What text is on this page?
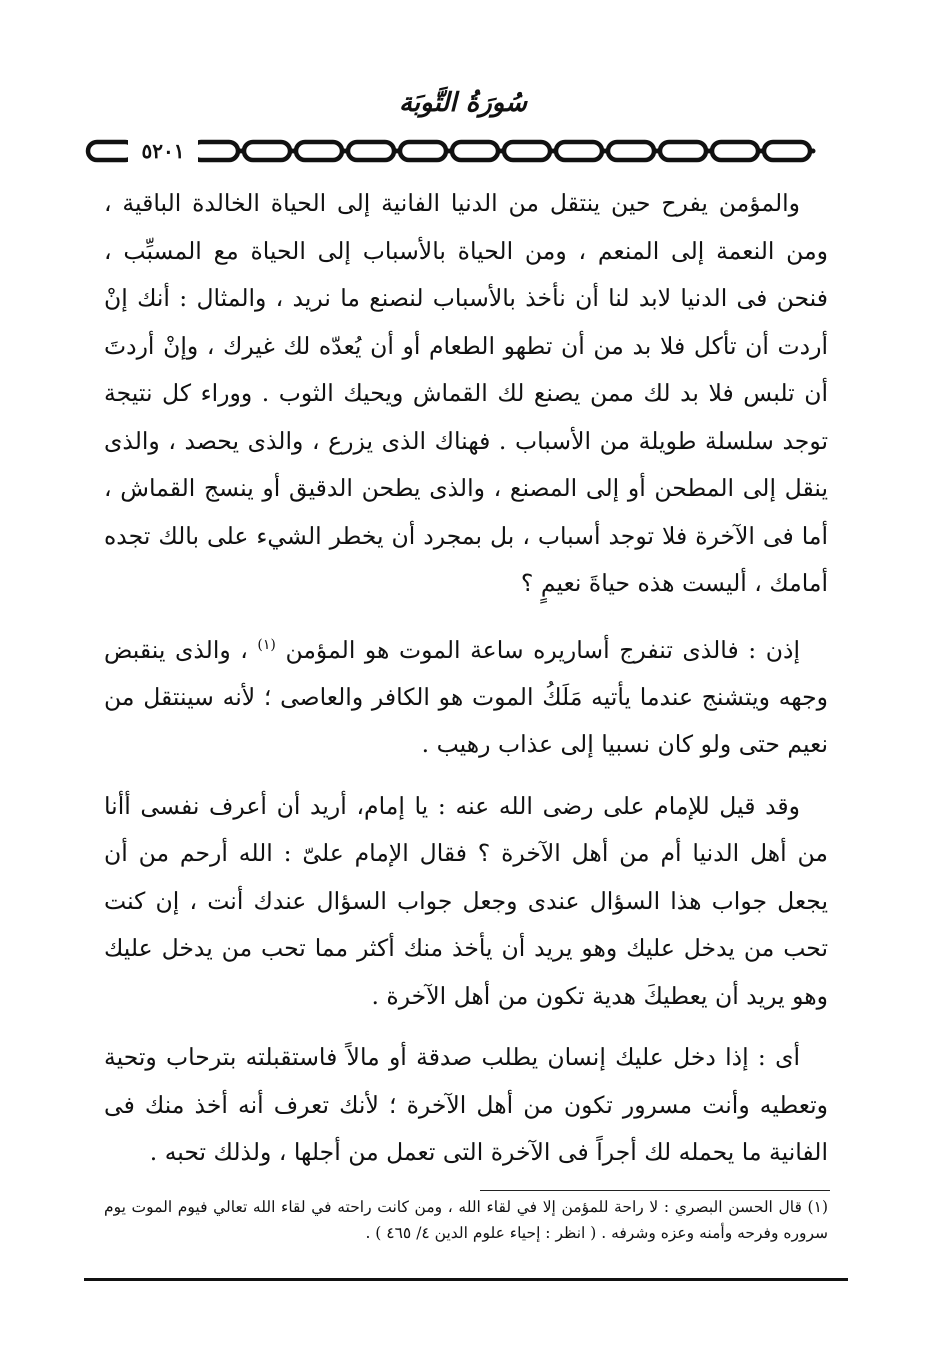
سُورَةُ التَّوبَة
٥٢٠١

والمؤمن يفرح حين ينتقل من الدنيا الفانية إلى الحياة الخالدة الباقية ، ومن النعمة إلى المنعم ، ومن الحياة بالأسباب إلى الحياة مع المسبِّب ، فنحن فى الدنيا لابد لنا أن نأخذ بالأسباب لنصنع ما نريد ، والمثال : أنك إنْ أردت أن تأكل فلا بد من أن تطهو الطعام أو أن يُعدّه لك غيرك ، وإنْ أردتَ أن تلبس فلا بد لك ممن يصنع لك القماش ويحيك الثوب . ووراء كل نتيجة توجد سلسلة طويلة من الأسباب . فهناك الذى يزرع ، والذى يحصد ، والذى ينقل إلى المطحن أو إلى المصنع ، والذى يطحن الدقيق أو ينسج القماش ، أما فى الآخرة فلا توجد أسباب ، بل بمجرد أن يخطر الشيء على بالك تجده أمامك ، أليست هذه حياةَ نعيمٍ ؟

إذن : فالذى تنفرج أساريره ساعة الموت هو المؤمن $^{(١)}$ ، والذى ينقبض وجهه ويتشنج عندما يأتيه مَلَكُ الموت هو الكافر والعاصى ؛ لأنه سينتقل من نعيم حتى ولو كان نسبيا إلى عذاب رهيب .

وقد قيل للإمام على رضى الله عنه : يا إمام، أريد أن أعرف نفسى أأنا من أهل الدنيا أم من أهل الآخرة ؟ فقال الإمام علىّ : الله أرحم من أن يجعل جواب هذا السؤال عندى وجعل جواب السؤال عندك أنت ، إن كنت تحب من يدخل عليك وهو يريد أن يأخذ منك أكثر مما تحب من يدخل عليك وهو يريد أن يعطيكَ هدية تكون من أهل الآخرة .

أى : إذا دخل عليك إنسان يطلب صدقة أو مالاً فاستقبلته بترحاب وتحية وتعطيه وأنت مسرور تكون من أهل الآخرة ؛ لأنك تعرف أنه أخذ منك فى الفانية ما يحمله لك أجراً فى الآخرة التى تعمل من أجلها ، ولذلك تحبه .

(١) قال الحسن البصري : لا راحة للمؤمن إلا في لقاء الله ، ومن كانت راحته في لقاء الله تعالي فيوم الموت يوم سروره وفرحه وأمنه وعزه وشرفه . ( انظر : إحياء علوم الدين ٤/ ٤٦٥ ) .
